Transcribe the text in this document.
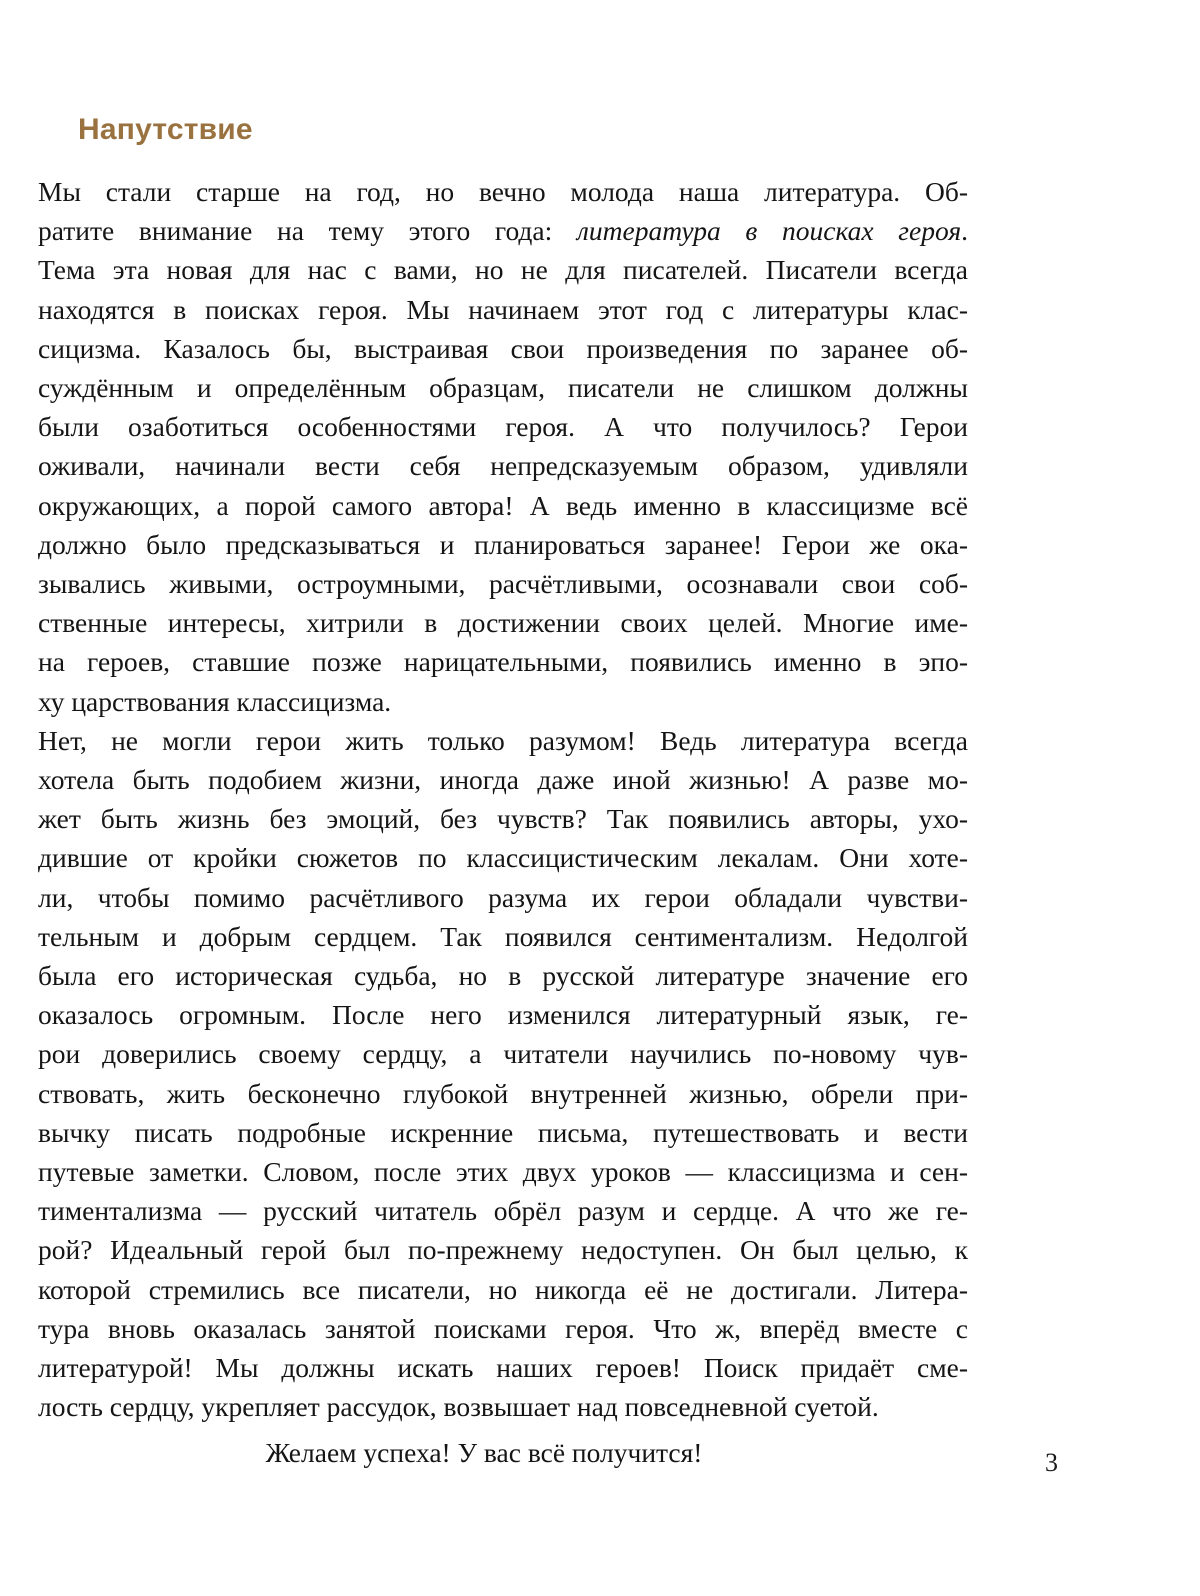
Напутствие
Мы стали старше на год, но вечно молода наша литература. Об-
ратите внимание на тему этого года: литература в поисках героя.
Тема эта новая для нас с вами, но не для писателей. Писатели всегда
находятся в поисках героя. Мы начинаем этот год с литературы клас-
сицизма. Казалось бы, выстраивая свои произведения по заранее об-
суждённым и определённым образцам, писатели не слишком должны
были озаботиться особенностями героя. А что получилось? Герои
оживали, начинали вести себя непредсказуемым образом, удивляли
окружающих, а порой самого автора! А ведь именно в классицизме всё
должно было предсказываться и планироваться заранее! Герои же ока-
зывались живыми, остроумными, расчётливыми, осознавали свои соб-
ственные интересы, хитрили в достижении своих целей. Многие име-
на героев, ставшие позже нарицательными, появились именно в эпо-
ху царствования классицизма.
Нет, не могли герои жить только разумом! Ведь литература всегда
хотела быть подобием жизни, иногда даже иной жизнью! А разве мо-
жет быть жизнь без эмоций, без чувств? Так появились авторы, ухо-
дившие от кройки сюжетов по классицистическим лекалам. Они хоте-
ли, чтобы помимо расчётливого разума их герои обладали чувстви-
тельным и добрым сердцем. Так появился сентиментализм. Недолгой
была его историческая судьба, но в русской литературе значение его
оказалось огромным. После него изменился литературный язык, ге-
рои доверились своему сердцу, а читатели научились по-новому чув-
ствовать, жить бесконечно глубокой внутренней жизнью, обрели при-
вычку писать подробные искренние письма, путешествовать и вести
путевые заметки. Словом, после этих двух уроков — классицизма и сен-
тиментализма — русский читатель обрёл разум и сердце. А что же ге-
рой? Идеальный герой был по-прежнему недоступен. Он был целью, к
которой стремились все писатели, но никогда её не достигали. Литера-
тура вновь оказалась занятой поисками героя. Что ж, вперёд вместе с
литературой! Мы должны искать наших героев! Поиск придаёт сме-
лость сердцу, укрепляет рассудок, возвышает над повседневной суетой.
Желаем успеха! У вас всё получится!	3
